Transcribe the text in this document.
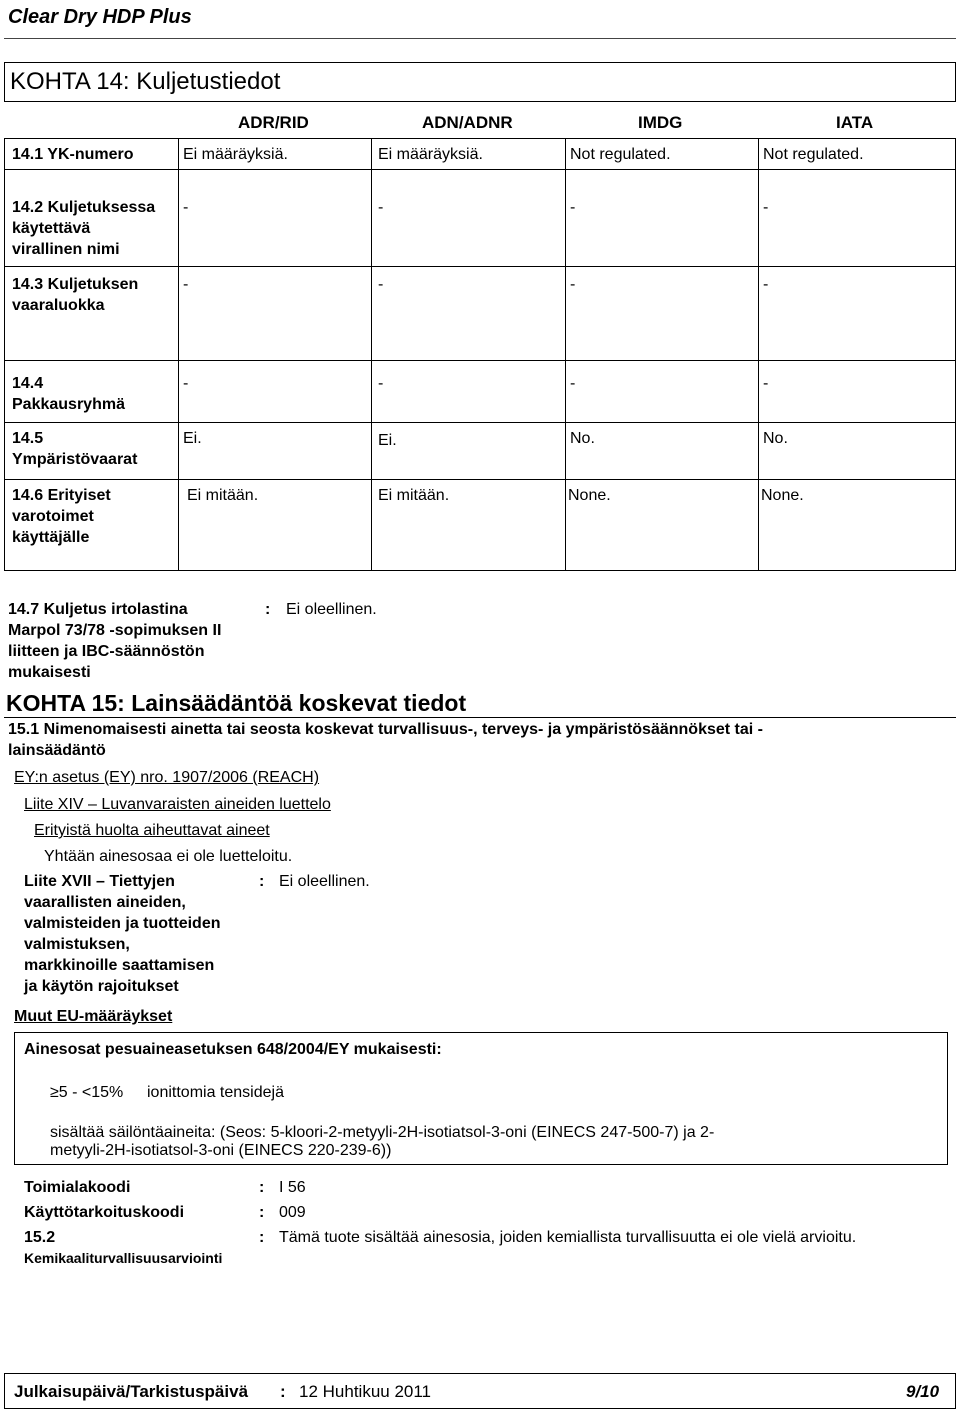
Clear Dry HDP Plus
KOHTA 14: Kuljetustiedot
ADR/RID	ADN/ADNR	IMDG	IATA
14.1 YK-numero	Ei määräyksiä.	Ei määräyksiä.	Not regulated.	Not regulated.
14.2 Kuljetuksessa
käytettävä
virallinen nimi
-	-	-	-
14.3 Kuljetuksen
vaaraluokka
-	-	-	-
14.4
Pakkausryhmä
-	-	-	-
14.5
Ympäristövaarat
Ei.	Ei.	No.	No.
14.6 Erityiset
varotoimet
käyttäjälle
Ei mitään.	Ei mitään.	None.	None.
14.7 Kuljetus irtolastina
Marpol 73/78 -sopimuksen II
liitteen ja IBC-säännöstön
mukaisesti
: Ei oleellinen.
KOHTA 15: Lainsäädäntöä koskevat tiedot
15.1 Nimenomaisesti ainetta tai seosta koskevat turvallisuus-, terveys- ja ympäristösäännökset tai -
lainsäädäntö
EY:n asetus (EY) nro. 1907/2006 (REACH)
Liite XIV – Luvanvaraisten aineiden luettelo
Erityistä huolta aiheuttavat aineet
Yhtään ainesosaa ei ole luetteloitu.
Liite XVII – Tiettyjen
vaarallisten aineiden,
valmisteiden ja tuotteiden
valmistuksen,
markkinoille saattamisen
ja käytön rajoitukset
: Ei oleellinen.
Muut EU-määräykset
Ainesosat pesuaineasetuksen 648/2004/EY mukaisesti:
≥5 - <15% ionittomia tensidejä
sisältää säilöntäaineita: (Seos: 5-kloori-2-metyyli-2H-isotiatsol-3-oni (EINECS 247-500-7) ja 2-
metyyli-2H-isotiatsol-3-oni (EINECS 220-239-6))
Toimialakoodi	: I 56
Käyttötarkoituskoodi	: 009
15.2
Kemikaaliturvallisuusarviointi
: Tämä tuote sisältää ainesosia, joiden kemiallista turvallisuutta ei ole vielä arvioitu.
Julkaisupäivä/Tarkistuspäivä : 12 Huhtikuu 2011	9/10
